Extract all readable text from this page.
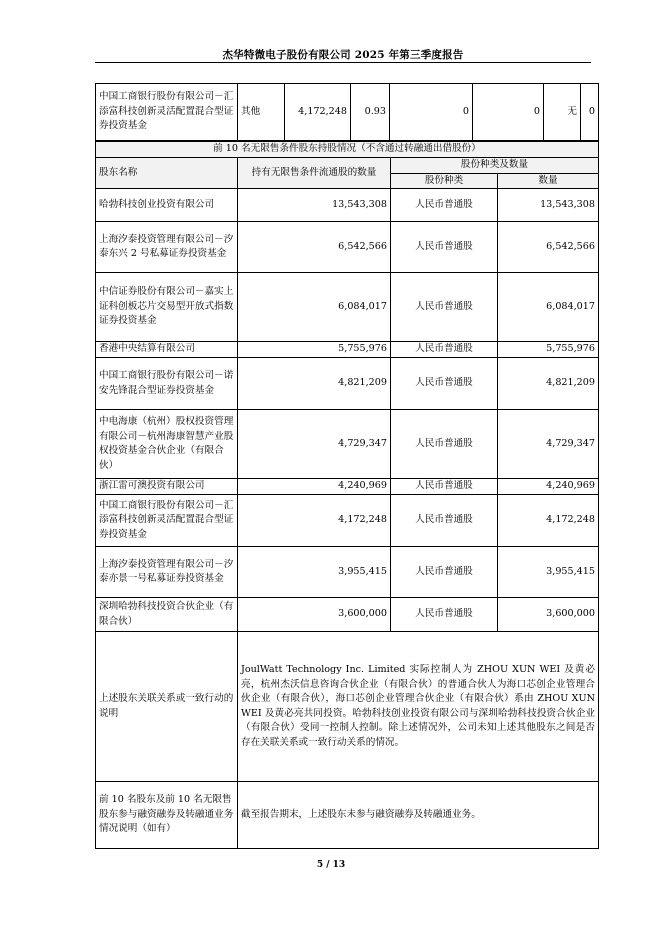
杰华特微电子股份有限公司 2025 年第三季度报告
中国工商银行股份有限公司－汇添富科技创新灵活配置混合型证券投资基金	其他	4,172,248	0.93	0	0	无	0
前 10 名无限售条件股东持股情况（不含通过转融通出借股份）			
股东名称	持有无限售条件流通股的数量	股份种类及数量	
		股份种类	数量
哈勃科技创业投资有限公司	13,543,308	人民币普通股	13,543,308
上海汐泰投资管理有限公司－汐泰东兴 2 号私募证券投资基金	6,542,566	人民币普通股	6,542,566
中信证券股份有限公司－嘉实上证科创板芯片交易型开放式指数证券投资基金	6,084,017	人民币普通股	6,084,017
香港中央结算有限公司	5,755,976	人民币普通股	5,755,976
中国工商银行股份有限公司－诺安先锋混合型证券投资基金	4,821,209	人民币普通股	4,821,209
中电海康（杭州）股权投资管理有限公司－杭州海康智慧产业股权投资基金合伙企业（有限合伙）	4,729,347	人民币普通股	4,729,347
浙江雷可澳投资有限公司	4,240,969	人民币普通股	4,240,969
中国工商银行股份有限公司－汇添富科技创新灵活配置混合型证券投资基金	4,172,248	人民币普通股	4,172,248
上海汐泰投资管理有限公司－汐泰亦景一号私募证券投资基金	3,955,415	人民币普通股	3,955,415
深圳哈勃科技投资合伙企业（有限合伙）	3,600,000	人民币普通股	3,600,000
上述股东关联关系或一致行动的说明	JoulWatt Technology Inc. Limited 实际控制人为 ZHOU XUN WEI 及黄必亮，杭州杰沃信息咨询合伙企业（有限合伙）的普通合伙人为海口芯创企业管理合伙企业（有限合伙），海口芯创企业管理合伙企业（有限合伙）系由 ZHOU XUN WEI 及黄必亮共同投资。哈勃科技创业投资有限公司与深圳哈勃科技投资合伙企业（有限合伙）受同一控制人控制。除上述情况外，公司未知上述其他股东之间是否存在关联关系或一致行动关系的情况。		
前 10 名股东及前 10 名无限售股东参与融资融券及转融通业务情况说明（如有）	截至报告期末，上述股东未参与融资融券及转融通业务。		
5 / 13
